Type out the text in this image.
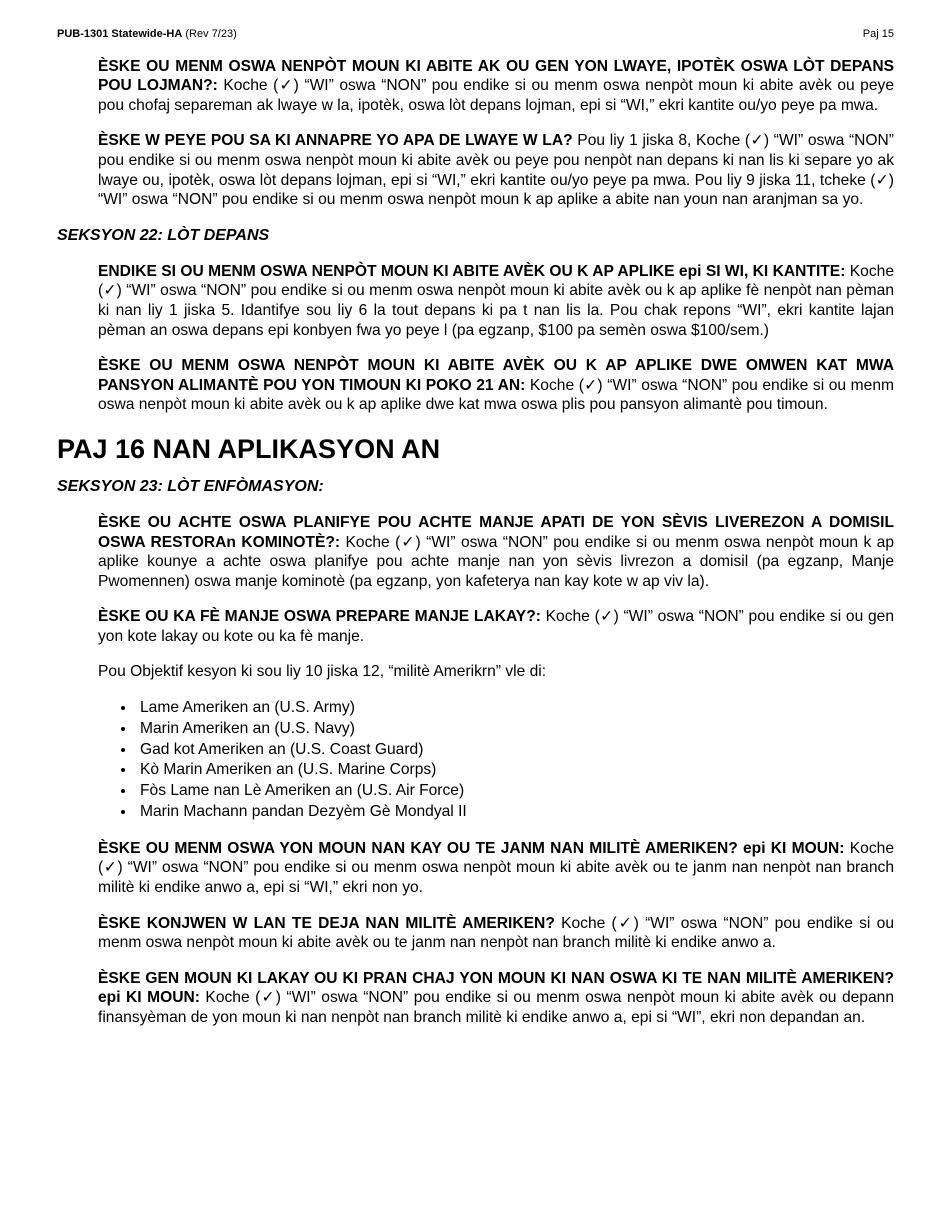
PUB-1301 Statewide-HA (Rev 7/23)	Paj 15

ÈSKE OU MENM OSWA NENPÒT MOUN KI ABITE AK OU GEN YON LWAYE, IPOTÈK OSWA LÒT DEPANS POU LOJMAN?: Koche (✓) “WI” oswa “NON” pou endike si ou menm oswa nenpòt moun ki abite avèk ou peye pou chofaj separeman ak lwaye w la, ipotèk, oswa lòt depans lojman, epi si “WI,” ekri kantite ou/yo peye pa mwa.

ÈSKE W PEYE POU SA KI ANNAPRE YO APA DE LWAYE W LA? Pou liy 1 jiska 8, Koche (✓) “WI” oswa “NON” pou endike si ou menm oswa nenpòt moun ki abite avèk ou peye pou nenpòt nan depans ki nan lis ki separe yo ak lwaye ou, ipotèk, oswa lòt depans lojman, epi si “WI,” ekri kantite ou/yo peye pa mwa. Pou liy 9 jiska 11, tcheke (✓) “WI” oswa “NON” pou endike si ou menm oswa nenpòt moun k ap aplike a abite nan youn nan aranjman sa yo.

SEKSYON 22: LÒT DEPANS

ENDIKE SI OU MENM OSWA NENPÒT MOUN KI ABITE AVÈK OU K AP APLIKE epi SI WI, KI KANTITE: Koche (✓) “WI” oswa “NON” pou endike si ou menm oswa nenpòt moun ki abite avèk ou k ap aplike fè nenpòt nan pèman ki nan liy 1 jiska 5. Idantifye sou liy 6 la tout depans ki pa t nan lis la. Pou chak repons “WI”, ekri kantite lajan pèman an oswa depans epi konbyen fwa yo peye l (pa egzanp, $100 pa semèn oswa $100/sem.)

ÈSKE OU MENM OSWA NENPÒT MOUN KI ABITE AVÈK OU K AP APLIKE DWE OMWEN KAT MWA PANSYON ALIMANTÈ POU YON TIMOUN KI POKO 21 AN: Koche (✓) “WI” oswa “NON” pou endike si ou menm oswa nenpòt moun ki abite avèk ou k ap aplike dwe kat mwa oswa plis pou pansyon alimantè pou timoun.

PAJ 16 NAN APLIKASYON AN

SEKSYON 23: LÒT ENFÒMASYON:

ÈSKE OU ACHTE OSWA PLANIFYE POU ACHTE MANJE APATI DE YON SÈVIS LIVEREZON A DOMISIL OSWA RESTORAn KOMINOTÈ?: Koche (✓) “WI” oswa “NON” pou endike si ou menm oswa nenpòt moun k ap aplike kounye a achte oswa planifye pou achte manje nan yon sèvis livrezon a domisil (pa egzanp, Manje Pwomennen) oswa manje kominotè (pa egzanp, yon kafeterya nan kay kote w ap viv la).

ÈSKE OU KA FÈ MANJE OSWA PREPARE MANJE LAKAY?: Koche (✓) “WI” oswa “NON” pou endike si ou gen yon kote lakay ou kote ou ka fè manje.

Pou Objektif kesyon ki sou liy 10 jiska 12, “militè Amerikrn” vle di:

• Lame Ameriken an (U.S. Army)
• Marin Ameriken an (U.S. Navy)
• Gad kot Ameriken an (U.S. Coast Guard)
• Kò Marin Ameriken an (U.S. Marine Corps)
• Fòs Lame nan Lè Ameriken an (U.S. Air Force)
• Marin Machann pandan Dezyèm Gè Mondyal II

ÈSKE OU MENM OSWA YON MOUN NAN KAY OU TE JANM NAN MILITÈ AMERIKEN? epi KI MOUN: Koche (✓) “WI” oswa “NON” pou endike si ou menm oswa nenpòt moun ki abite avèk ou te janm nan nenpòt nan branch militè ki endike anwo a, epi si “WI,” ekri non yo.

ÈSKE KONJWEN W LAN TE DEJA NAN MILITÈ AMERIKEN? Koche (✓) “WI” oswa “NON” pou endike si ou menm oswa nenpòt moun ki abite avèk ou te janm nan nenpòt nan branch militè ki endike anwo a.

ÈSKE GEN MOUN KI LAKAY OU KI PRAN CHAJ YON MOUN KI NAN OSWA KI TE NAN MILITÈ AMERIKEN? epi KI MOUN: Koche (✓) “WI” oswa “NON” pou endike si ou menm oswa nenpòt moun ki abite avèk ou depann finansyèman de yon moun ki nan nenpòt nan branch militè ki endike anwo a, epi si “WI”, ekri non depandan an.
